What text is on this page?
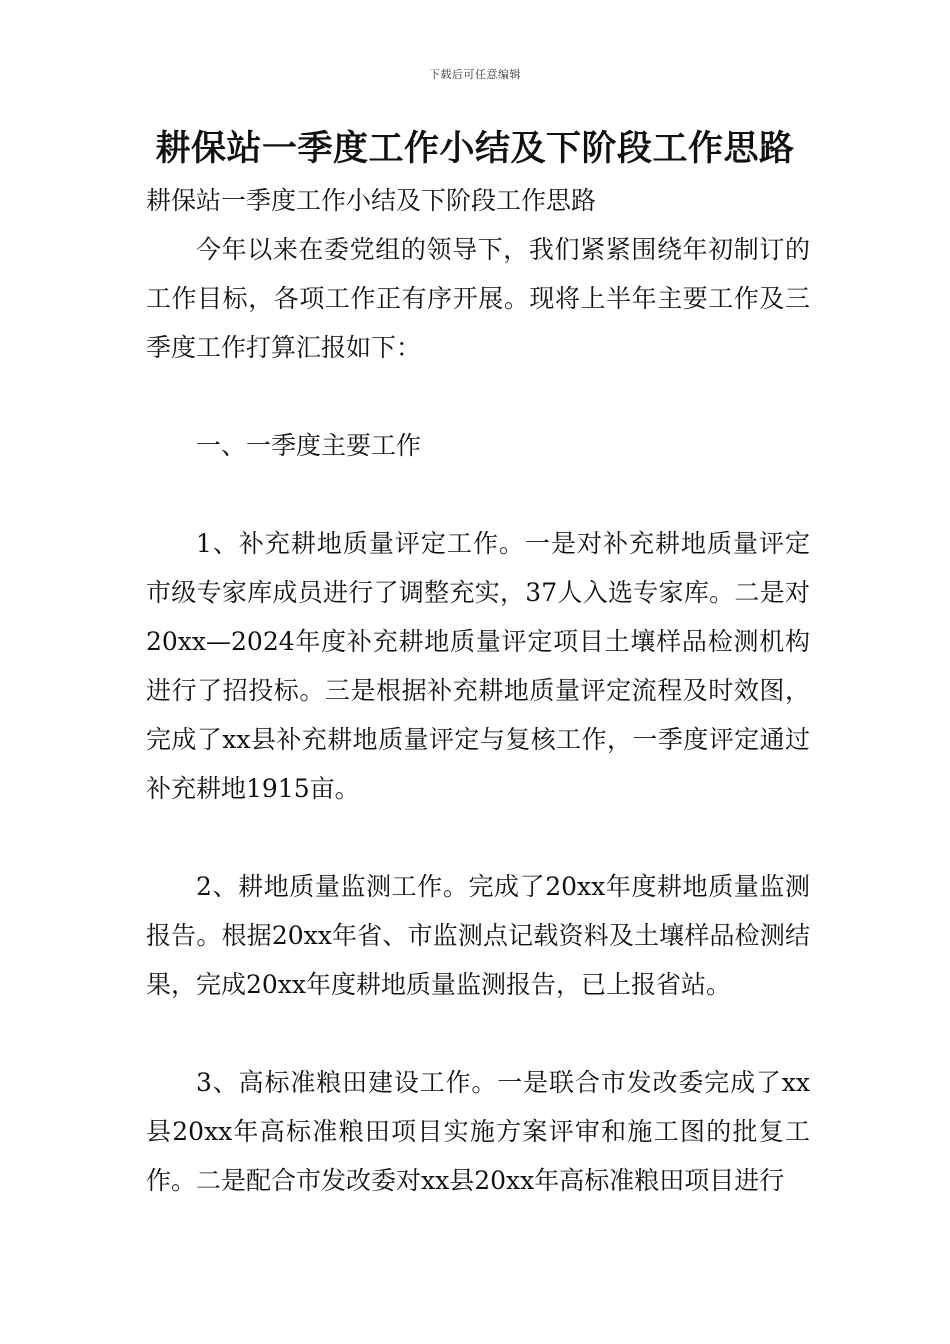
下载后可任意编辑
耕保站一季度工作小结及下阶段工作思路

耕保站一季度工作小结及下阶段工作思路

今年以来在委党组的领导下，我们紧紧围绕年初制订的工作目标，各项工作正有序开展。现将上半年主要工作及三季度工作打算汇报如下：

一、一季度主要工作

1、补充耕地质量评定工作。一是对补充耕地质量评定市级专家库成员进行了调整充实，37人入选专家库。二是对20xx—2024年度补充耕地质量评定项目土壤样品检测机构进行了招投标。三是根据补充耕地质量评定流程及时效图，完成了xx县补充耕地质量评定与复核工作，一季度评定通过补充耕地1915亩。

2、耕地质量监测工作。完成了20xx年度耕地质量监测报告。根据20xx年省、市监测点记载资料及土壤样品检测结果，完成20xx年度耕地质量监测报告，已上报省站。

3、高标准粮田建设工作。一是联合市发改委完成了xx县20xx年高标准粮田项目实施方案评审和施工图的批复工作。二是配合市发改委对xx县20xx年高标准粮田项目进行
